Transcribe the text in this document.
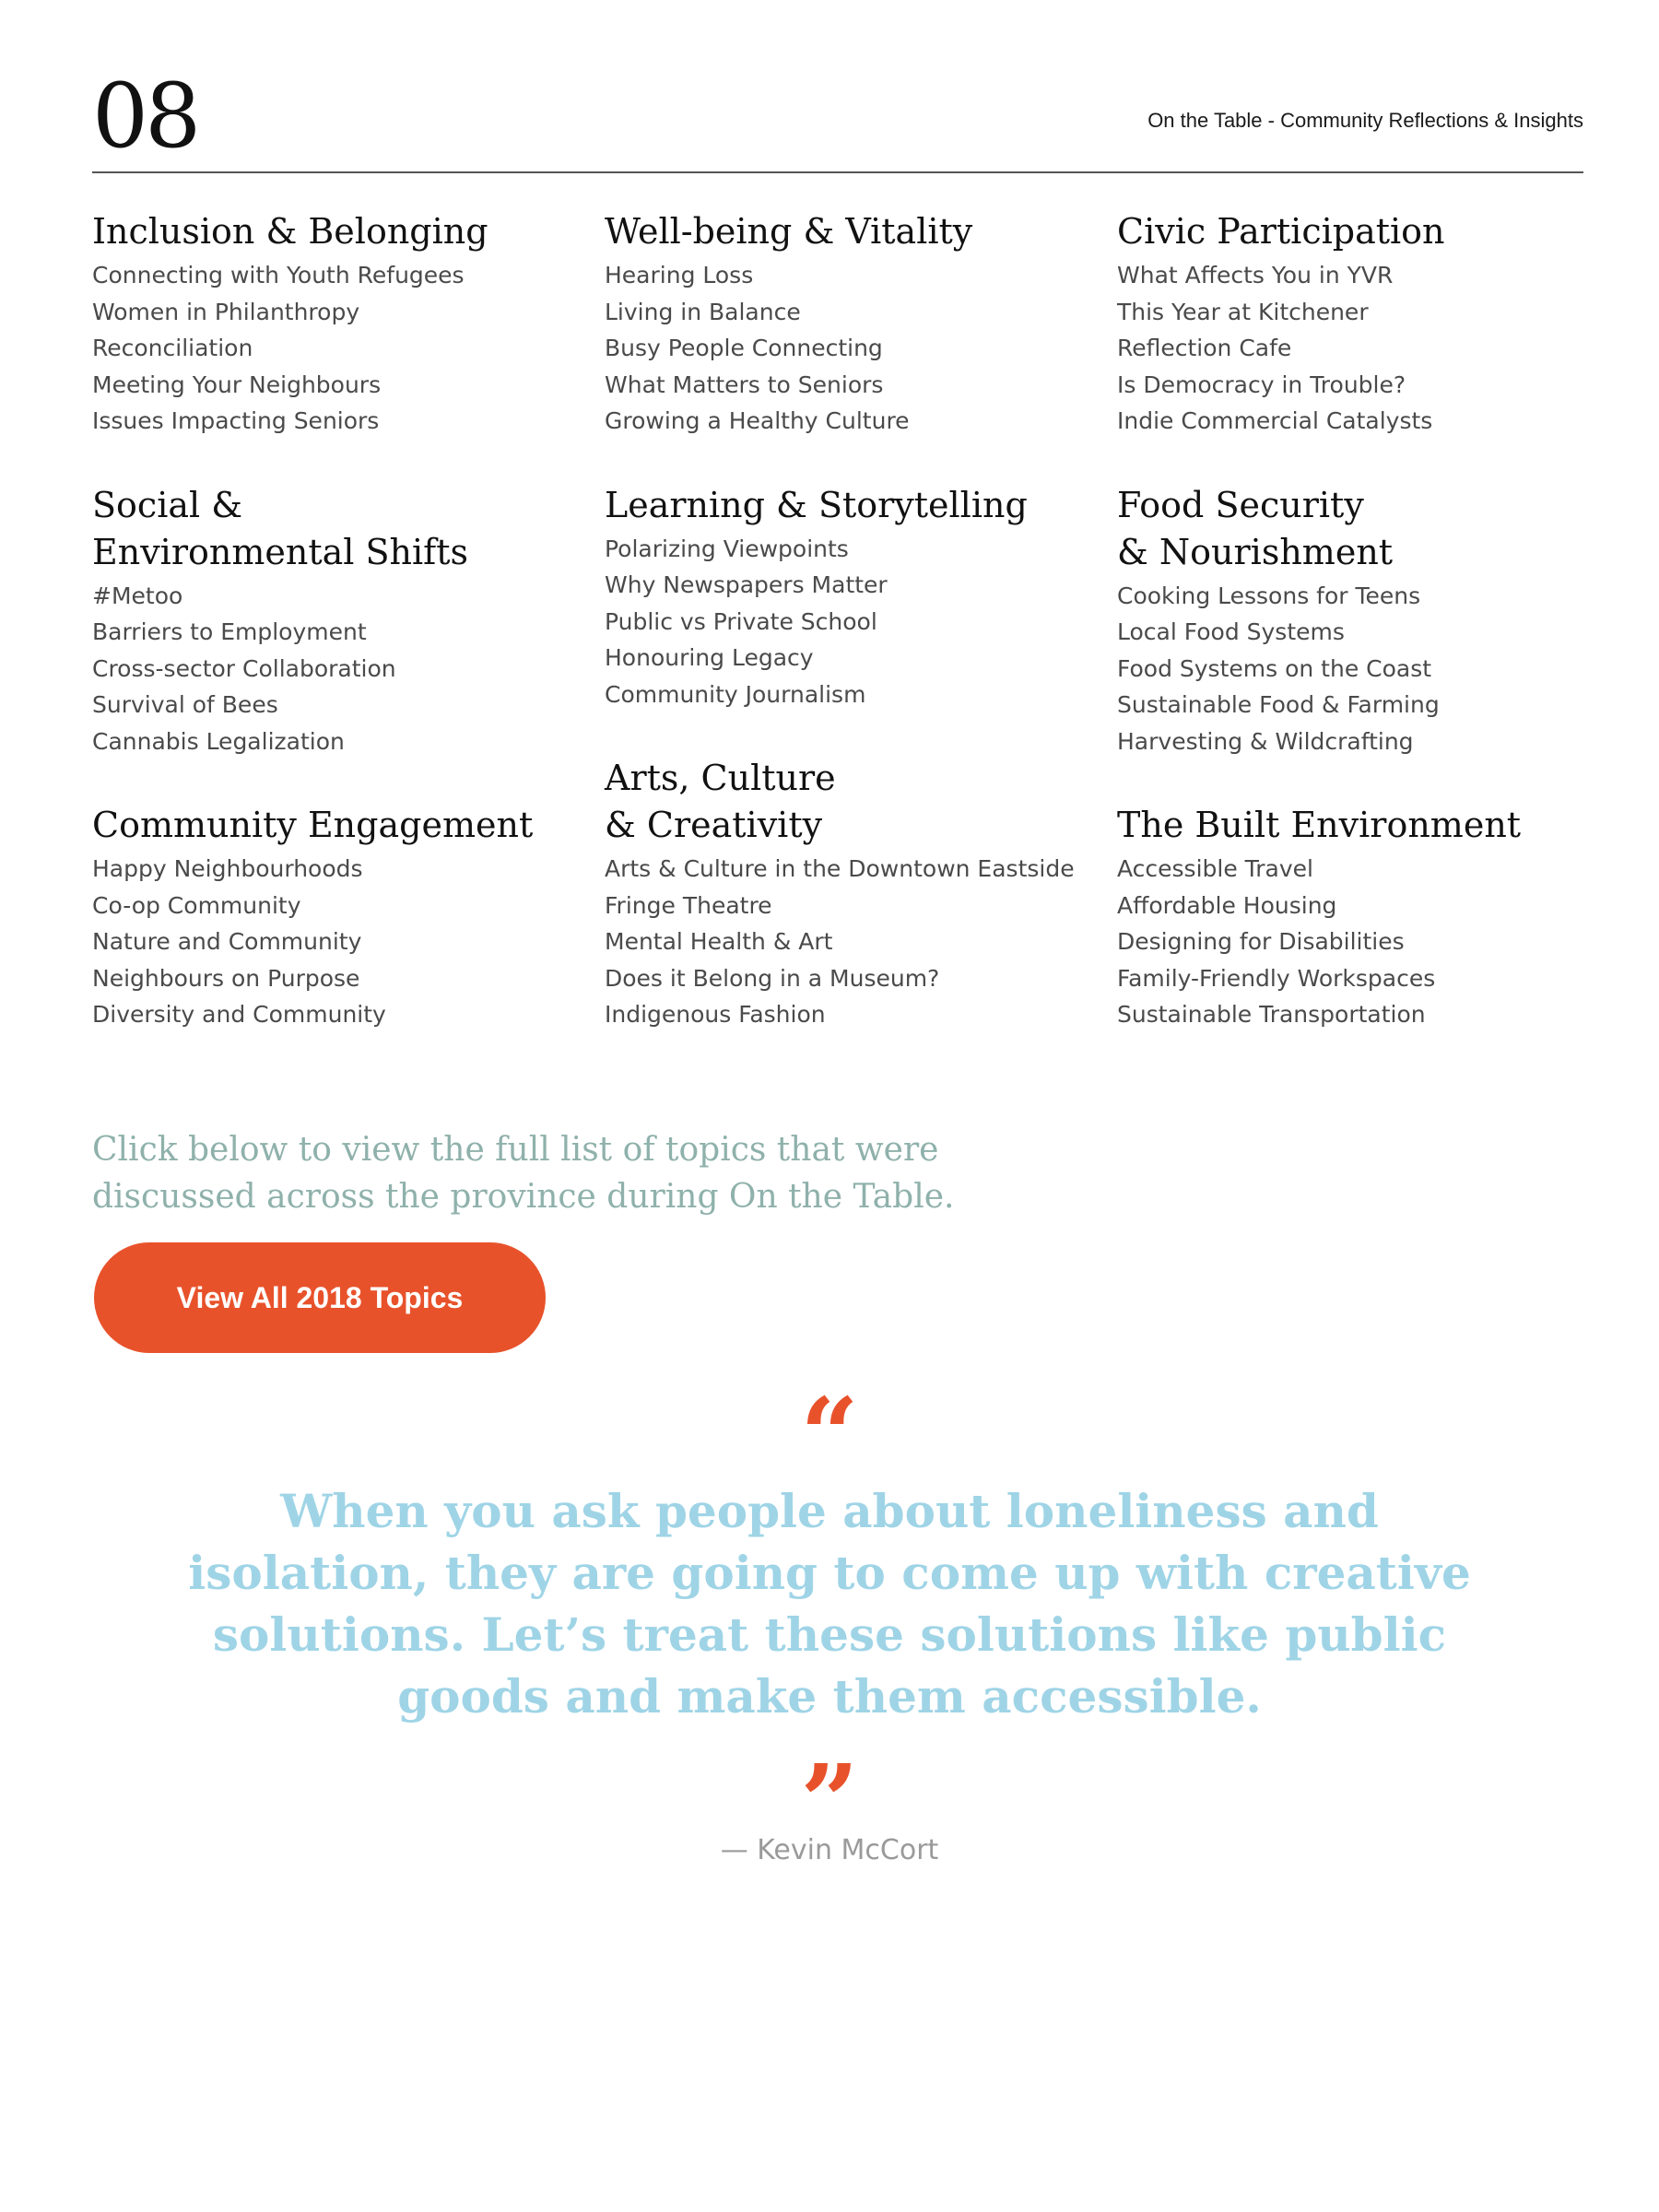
08	On the Table - Community Reflections & Insights
Inclusion & Belonging
Connecting with Youth Refugees
Women in Philanthropy
Reconciliation
Meeting Your Neighbours
Issues Impacting Seniors
Social &
Environmental Shifts
#Metoo
Barriers to Employment
Cross-sector Collaboration
Survival of Bees
Cannabis Legalization
Community Engagement
Happy Neighbourhoods
Co-op Community
Nature and Community
Neighbours on Purpose
Diversity and Community
Well-being & Vitality
Hearing Loss
Living in Balance
Busy People Connecting
What Matters to Seniors
Growing a Healthy Culture
Learning & Storytelling
Polarizing Viewpoints
Why Newspapers Matter
Public vs Private School
Honouring Legacy
Community Journalism
Arts, Culture
& Creativity
Arts & Culture in the Downtown Eastside
Fringe Theatre
Mental Health & Art
Does it Belong in a Museum?
Indigenous Fashion
Civic Participation
What Affects You in YVR
This Year at Kitchener
Reflection Cafe
Is Democracy in Trouble?
Indie Commercial Catalysts
Food Security
& Nourishment
Cooking Lessons for Teens
Local Food Systems
Food Systems on the Coast
Sustainable Food & Farming
Harvesting & Wildcrafting
The Built Environment
Accessible Travel
Affordable Housing
Designing for Disabilities
Family-Friendly Workspaces
Sustainable Transportation

Click below to view the full list of topics that were discussed across the province during On the Table.

View All 2018 Topics
“
When you ask people about loneliness and isolation, they are going to come up with creative solutions. Let’s treat these solutions like public goods and make them accessible.
”
— Kevin McCort
